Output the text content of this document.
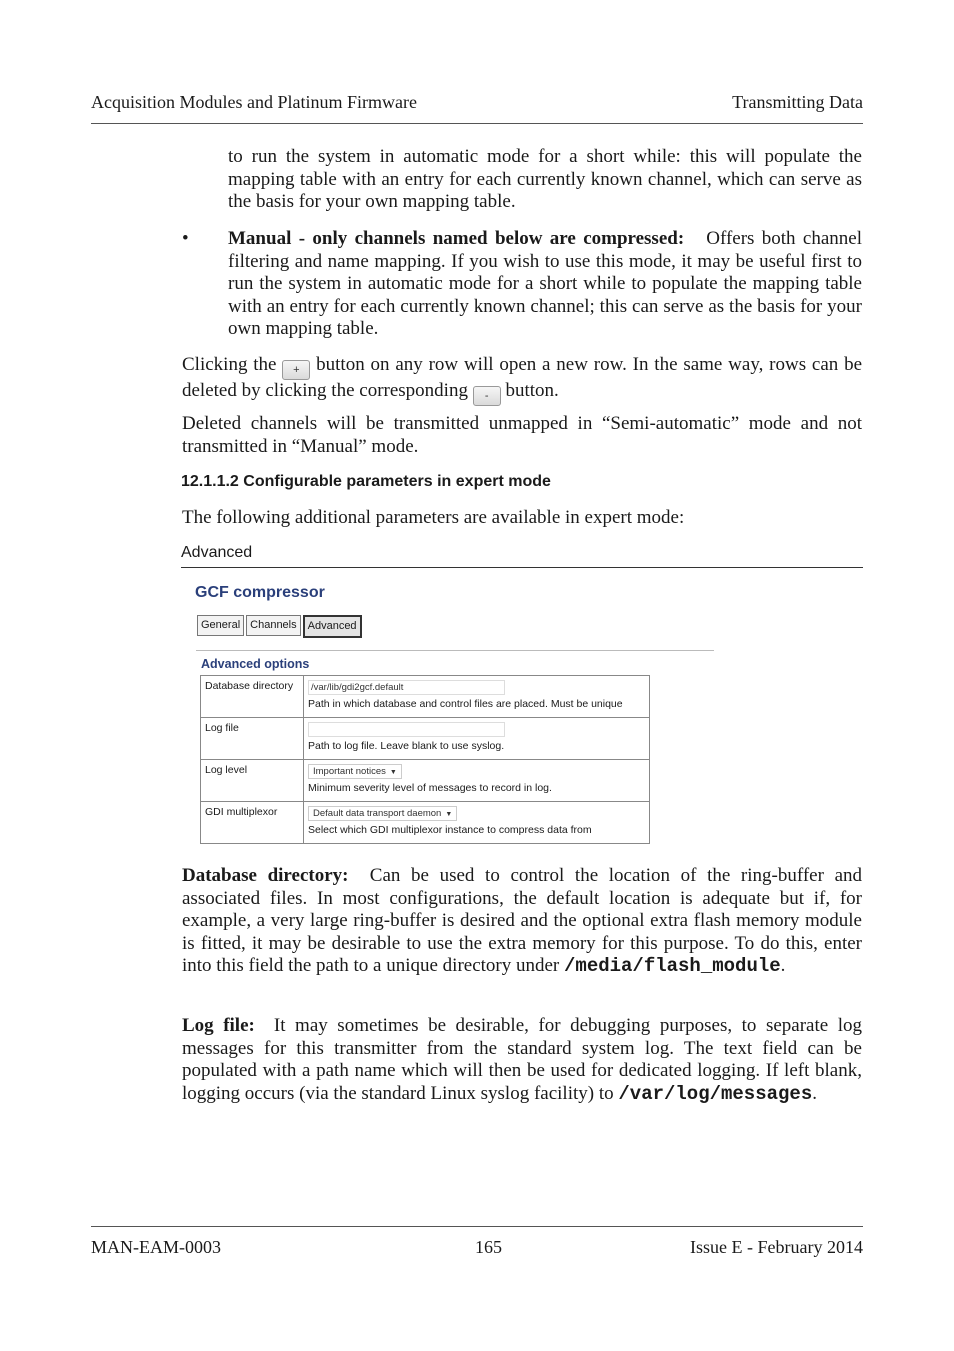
Acquisition Modules and Platinum Firmware	Transmitting Data

to run the system in automatic mode for a short while: this will populate the mapping table with an entry for each currently known channel, which can serve as the basis for your own mapping table.

• Manual - only channels named below are compressed: Offers both channel filtering and name mapping. If you wish to use this mode, it may be useful first to run the system in automatic mode for a short while to populate the mapping table with an entry for each currently known channel; this can serve as the basis for your own mapping table.

Clicking the + button on any row will open a new row. In the same way, rows can be deleted by clicking the corresponding - button.

Deleted channels will be transmitted unmapped in “Semi-automatic” mode and not transmitted in “Manual” mode.

12.1.1.2 Configurable parameters in expert mode

The following additional parameters are available in expert mode:

Advanced
GCF compressor
General Channels	Advanced
Advanced options
Database directory	/var/lib/gdi2gcf.default
Path in which database and control files are placed. Must be unique

Log file	Path to log file. Leave blank to use syslog.

Log level	Important notices ▼
Minimum severity level of messages to record in log.

GDI multiplexor	Default data transport daemon ▼
Select which GDI multiplexor instance to compress data from

Database directory: Can be used to control the location of the ring-buffer and associated files. In most configurations, the default location is adequate but if, for example, a very large ring-buffer is desired and the optional extra flash memory module is fitted, it may be desirable to use the extra memory for this purpose. To do this, enter into this field the path to a unique directory under /media/flash_module.

Log file: It may sometimes be desirable, for debugging purposes, to separate log messages for this transmitter from the standard system log. The text field can be populated with a path name which will then be used for dedicated logging. If left blank, logging occurs (via the standard Linux syslog facility) to /var/log/messages.

MAN-EAM-0003	165	Issue E - February 2014
